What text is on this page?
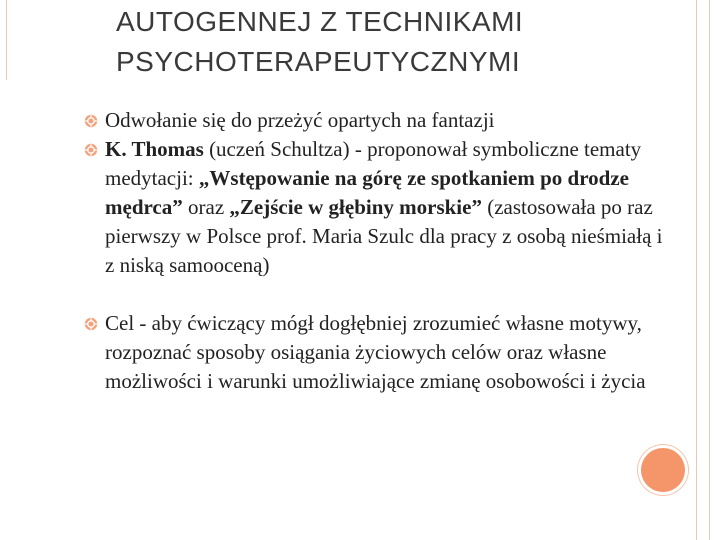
AUTOGENNEJ Z TECHNIKAMI
PSYCHOTERAPEUTYCZNYMI
Odwołanie się do przeżyć opartych na fantazji
K. Thomas (uczeń Schultza) - proponował symboliczne tematy medytacji: „Wstępowanie na górę ze spotkaniem po drodze mędrca” oraz „Zejście w głębiny morskie” (zastosowała po raz pierwszy w Polsce prof. Maria Szulc dla pracy z osobą nieśmiałą i z niską samooceną)
Cel - aby ćwiczący mógł dogłębniej zrozumieć własne motywy, rozpoznać sposoby osiągania życiowych celów oraz własne możliwości i warunki umożliwiające zmianę osobowości i życia
